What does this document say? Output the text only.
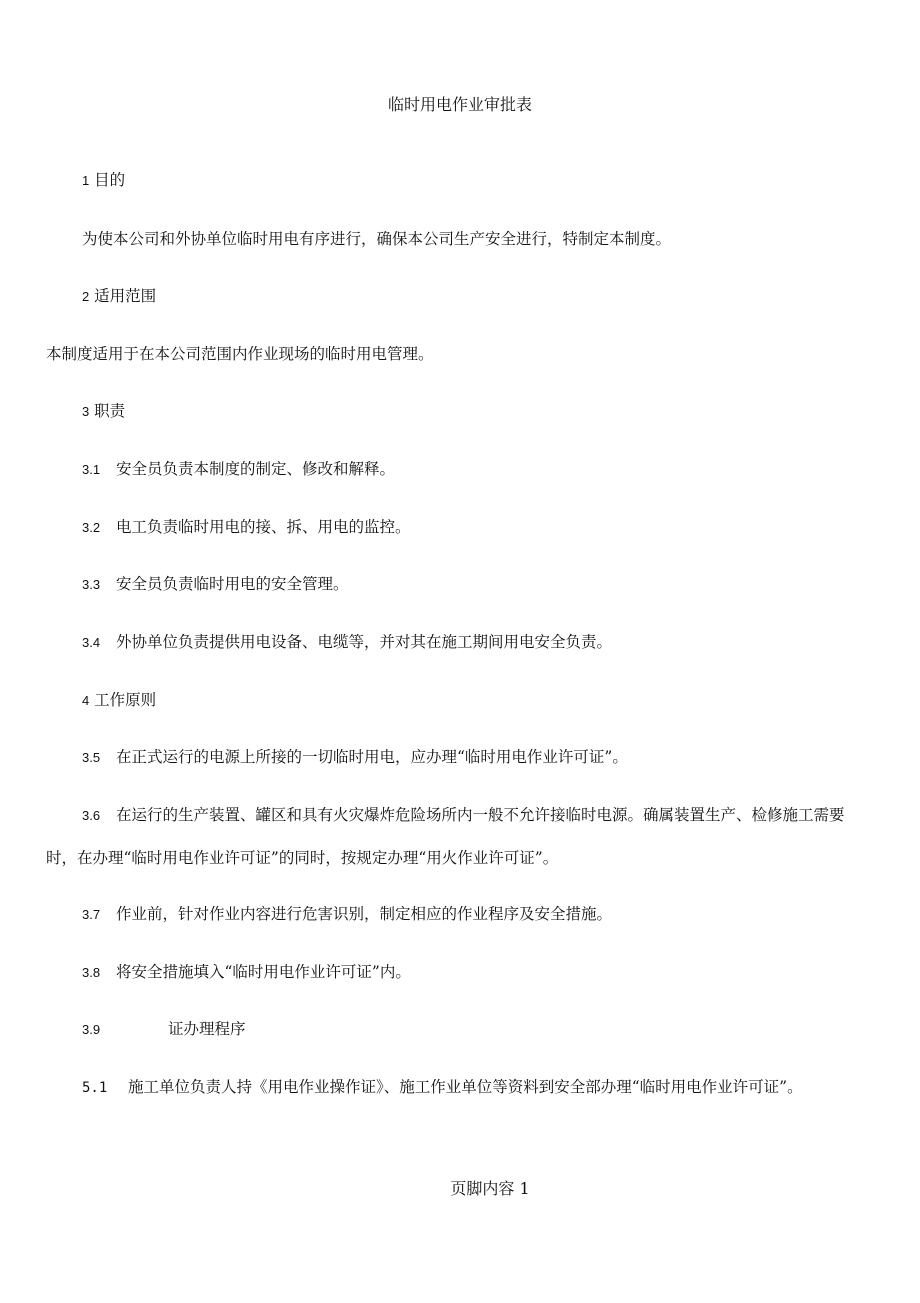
临时用电作业审批表
1 目的
为使本公司和外协单位临时用电有序进行，确保本公司生产安全进行，特制定本制度。
2 适用范围
本制度适用于在本公司范围内作业现场的临时用电管理。
3 职责
3.1 安全员负责本制度的制定、修改和解释。
3.2 电工负责临时用电的接、拆、用电的监控。
3.3 安全员负责临时用电的安全管理。
3.4 外协单位负责提供用电设备、电缆等，并对其在施工期间用电安全负责。
4 工作原则
3.5 在正式运行的电源上所接的一切临时用电，应办理“临时用电作业许可证”。
3.6 在运行的生产装置、罐区和具有火灾爆炸危险场所内一般不允许接临时电源。确属装置生产、检修施工需要时，在办理“临时用电作业许可证”的同时，按规定办理“用火作业许可证”。
3.7 作业前，针对作业内容进行危害识别，制定相应的作业程序及安全措施。
3.8 将安全措施填入“临时用电作业许可证”内。
3.9	证办理程序
5.1 施工单位负责人持《用电作业操作证》、施工作业单位等资料到安全部办理“临时用电作业许可证”。
页脚内容 1
